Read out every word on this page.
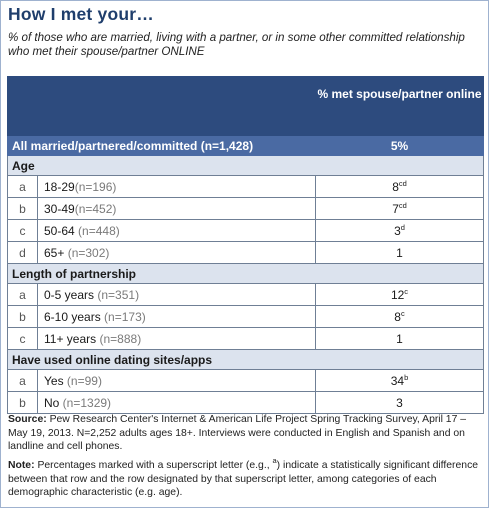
How I met your…
% of those who are married, living with a partner, or in some other committed relationship who met their spouse/partner ONLINE
		% met spouse/partner online
All married/partnered/committed (n=1,428)		5%
Age		
a	18-29(n=196)	$8^{cd}$
b	30-49(n=452)	$7^{cd}$
c	50-64 (n=448)	3$^d$
d	65+ (n=302)	1
Length of partnership		
a	0-5 years (n=351)	12$^c$
b	6-10 years (n=173)	8$^c$
c	11+ years (n=888)	1
Have used online dating sites/apps		
a	Yes (n=99)	34$^b$
b	No (n=1329)	3
Source: Pew Research Center's Internet & American Life Project Spring Tracking Survey, April 17 – May 19, 2013. N=2,252 adults ages 18+. Interviews were conducted in English and Spanish and on landline and cell phones.
Note: Percentages marked with a superscript letter (e.g., $^a$) indicate a statistically significant difference between that row and the row designated by that superscript letter, among categories of each demographic characteristic (e.g. age).
